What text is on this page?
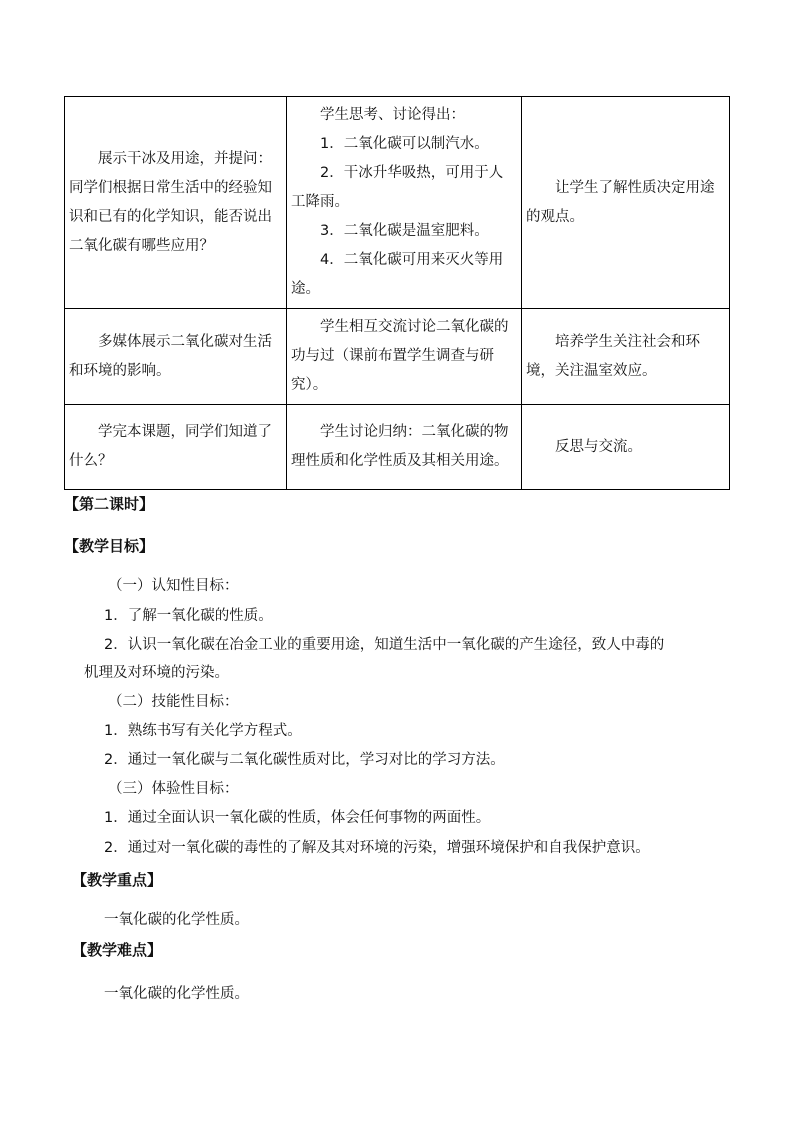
展示干冰及用途，并提问：同学们根据日常生活中的经验知识和已有的化学知识，能否说出二氧化碳有哪些应用？	学生思考、讨论得出：

1．二氧化碳可以制汽水。

2．干冰升华吸热，可用于人工降雨。

3．二氧化碳是温室肥料。

4．二氧化碳可用来灭火等用途。	让学生了解性质决定用途的观点。

多媒体展示二氧化碳对生活和环境的影响。	学生相互交流讨论二氧化碳的功与过（课前布置学生调查与研究）。	培养学生关注社会和环境，关注温室效应。

学完本课题，同学们知道了什么？	学生讨论归纳：二氧化碳的物理性质和化学性质及其相关用途。	反思与交流。

【第二课时】
【教学目标】

（一）认知性目标：

1．了解一氧化碳的性质。

2．认识一氧化碳在冶金工业的重要用途，知道生活中一氧化碳的产生途径，致人中毒的

机理及对环境的污染。

（二）技能性目标：

1．熟练书写有关化学方程式。

2．通过一氧化碳与二氧化碳性质对比，学习对比的学习方法。

（三）体验性目标：

1．通过全面认识一氧化碳的性质，体会任何事物的两面性。

2．通过对一氧化碳的毒性的了解及其对环境的污染，增强环境保护和自我保护意识。

【教学重点】

一氧化碳的化学性质。

【教学难点】

一氧化碳的化学性质。
